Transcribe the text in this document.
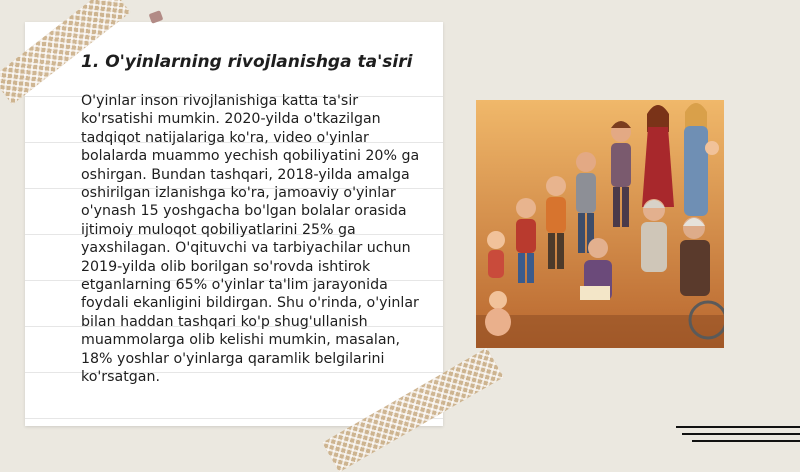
1. O'yinlarning rivojlanishga ta'siri

O'yinlar inson rivojlanishiga katta ta'sir ko'rsatishi mumkin. 2020-yilda o'tkazilgan tadqiqot natijalariga ko'ra, video o'yinlar bolalarda muammo yechish qobiliyatini 20% ga oshirgan. Bundan tashqari, 2018-yilda amalga oshirilgan izlanishga ko'ra, jamoaviy o'yinlar o'ynash 15 yoshgacha bo'lgan bolalar orasida ijtimoiy muloqot qobiliyatlarini 25% ga yaxshilagan. O'qituvchi va tarbiyachilar uchun 2019-yilda olib borilgan so'rovda ishtirok etganlarning 65% o'yinlar ta'lim jarayonida foydali ekanligini bildirgan. Shu o'rinda, o'yinlar bilan haddan tashqari ko'p shug'ullanish muammolarga olib kelishi mumkin, masalan, 18% yoshlar o'yinlarga qaramlik belgilarini ko'rsatgan.
